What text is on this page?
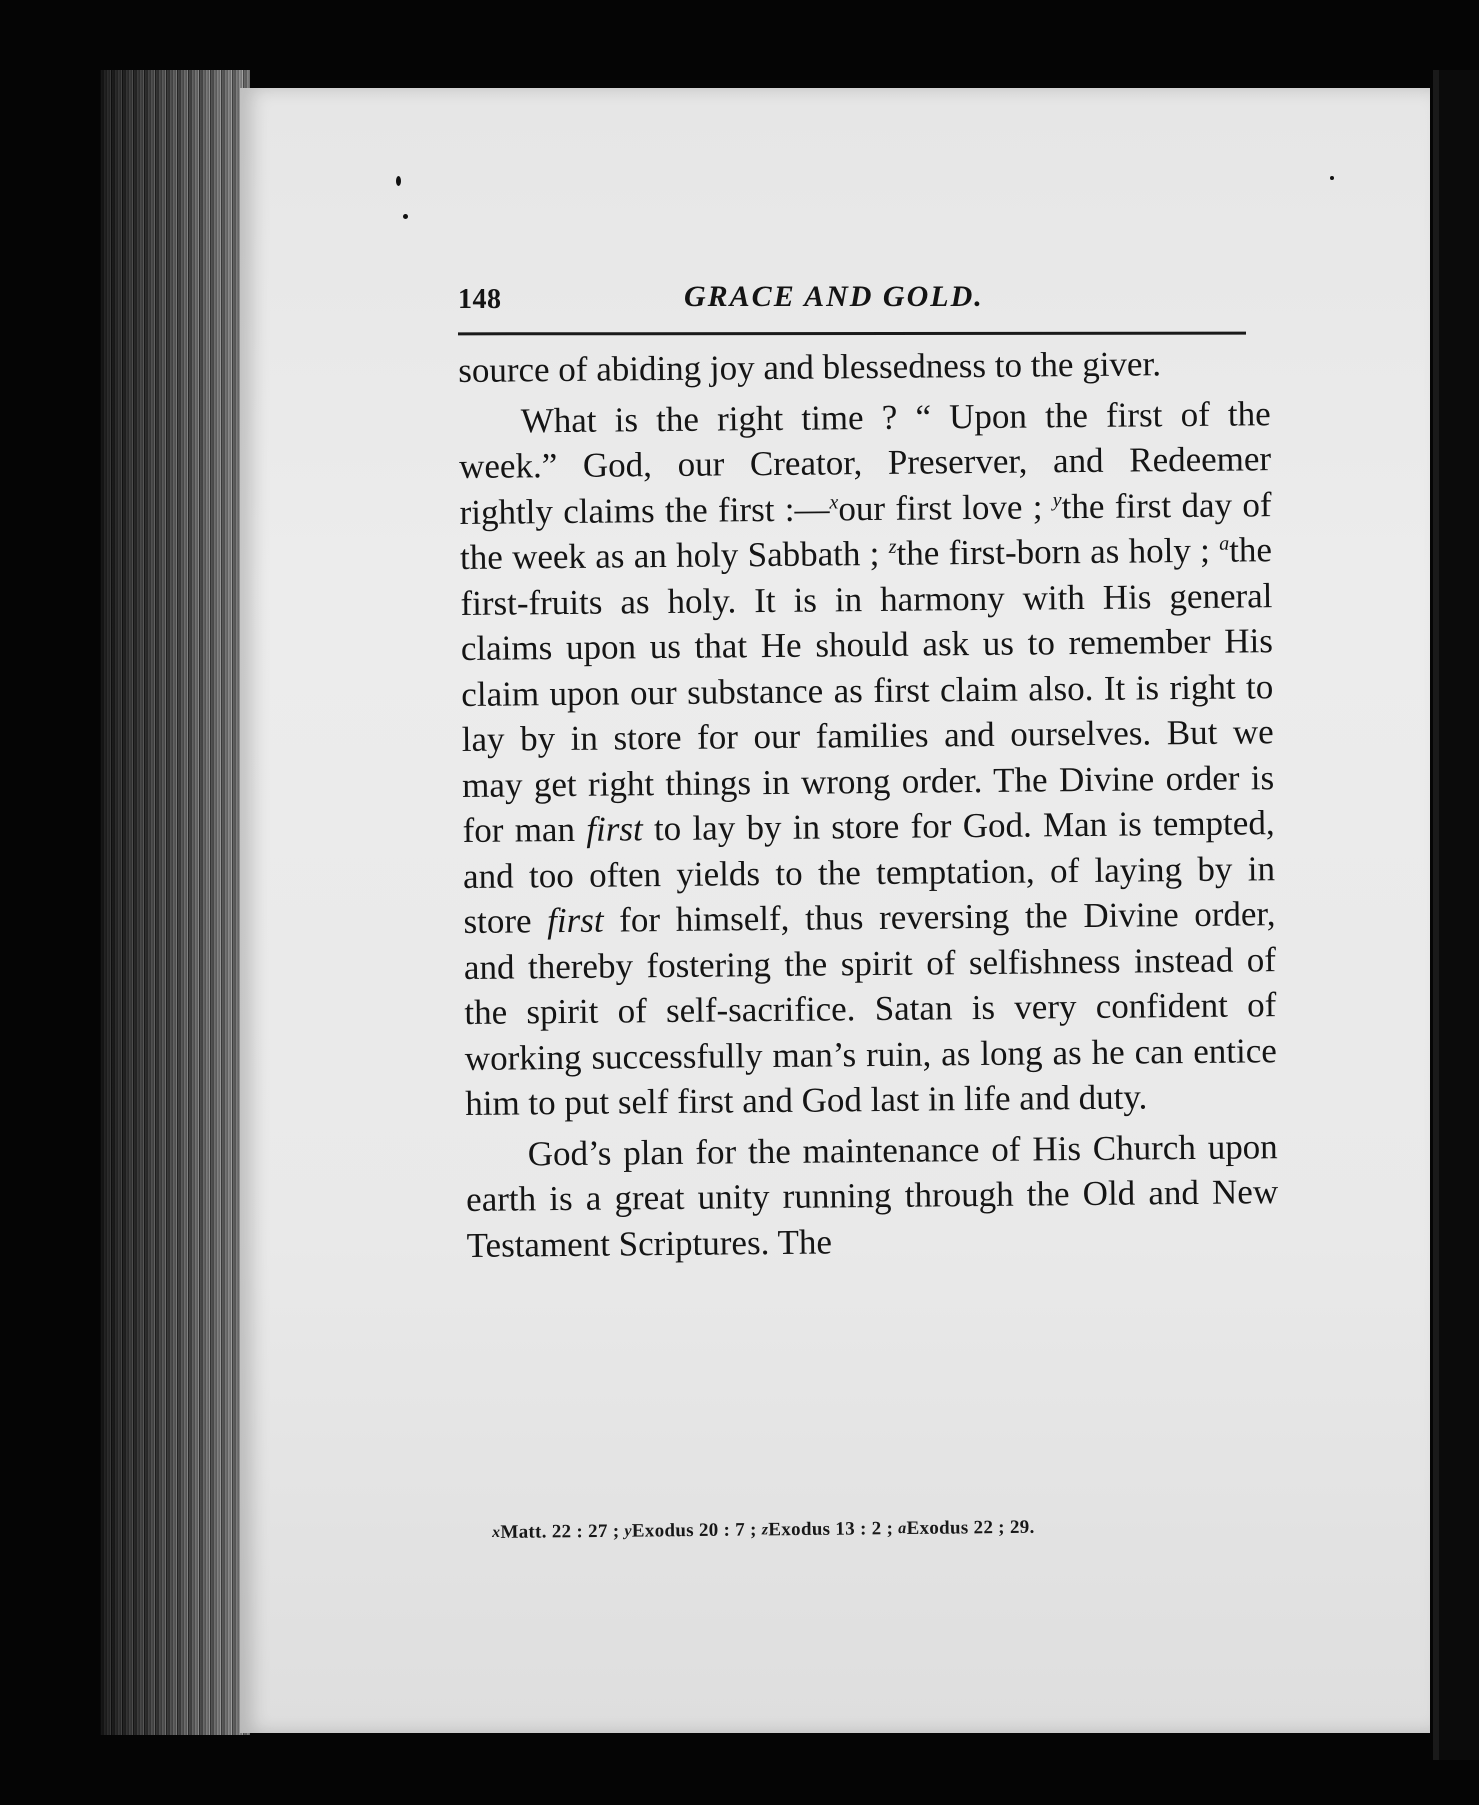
148	GRACE AND GOLD.

source of abiding joy and blessedness to the giver.

What is the right time ? “ Upon the first of the week.” God, our Creator, Preserver, and Redeemer rightly claims the first :—$^x$our first love ; $^y$the first day of the week as an holy Sabbath ; $^z$the first-born as holy ; $^a$the first-fruits as holy. It is in harmony with His general claims upon us that He should ask us to remember His claim upon our substance as first claim also. It is right to lay by in store for our families and ourselves. But we may get right things in wrong order. The Divine order is for man first to lay by in store for God. Man is tempted, and too often yields to the temptation, of laying by in store first for himself, thus reversing the Divine order, and thereby fostering the spirit of selfishness instead of the spirit of self-sacrifice. Satan is very confident of working successfully man’s ruin, as long as he can entice him to put self first and God last in life and duty.

God’s plan for the maintenance of His Church upon earth is a great unity running through the Old and New Testament Scriptures. The

$^x$Matt. 22 : 27 ; $^y$Exodus 20 : 7 ; $^z$Exodus 13 : 2 ; $^a$Exodus 22 ; 29.
